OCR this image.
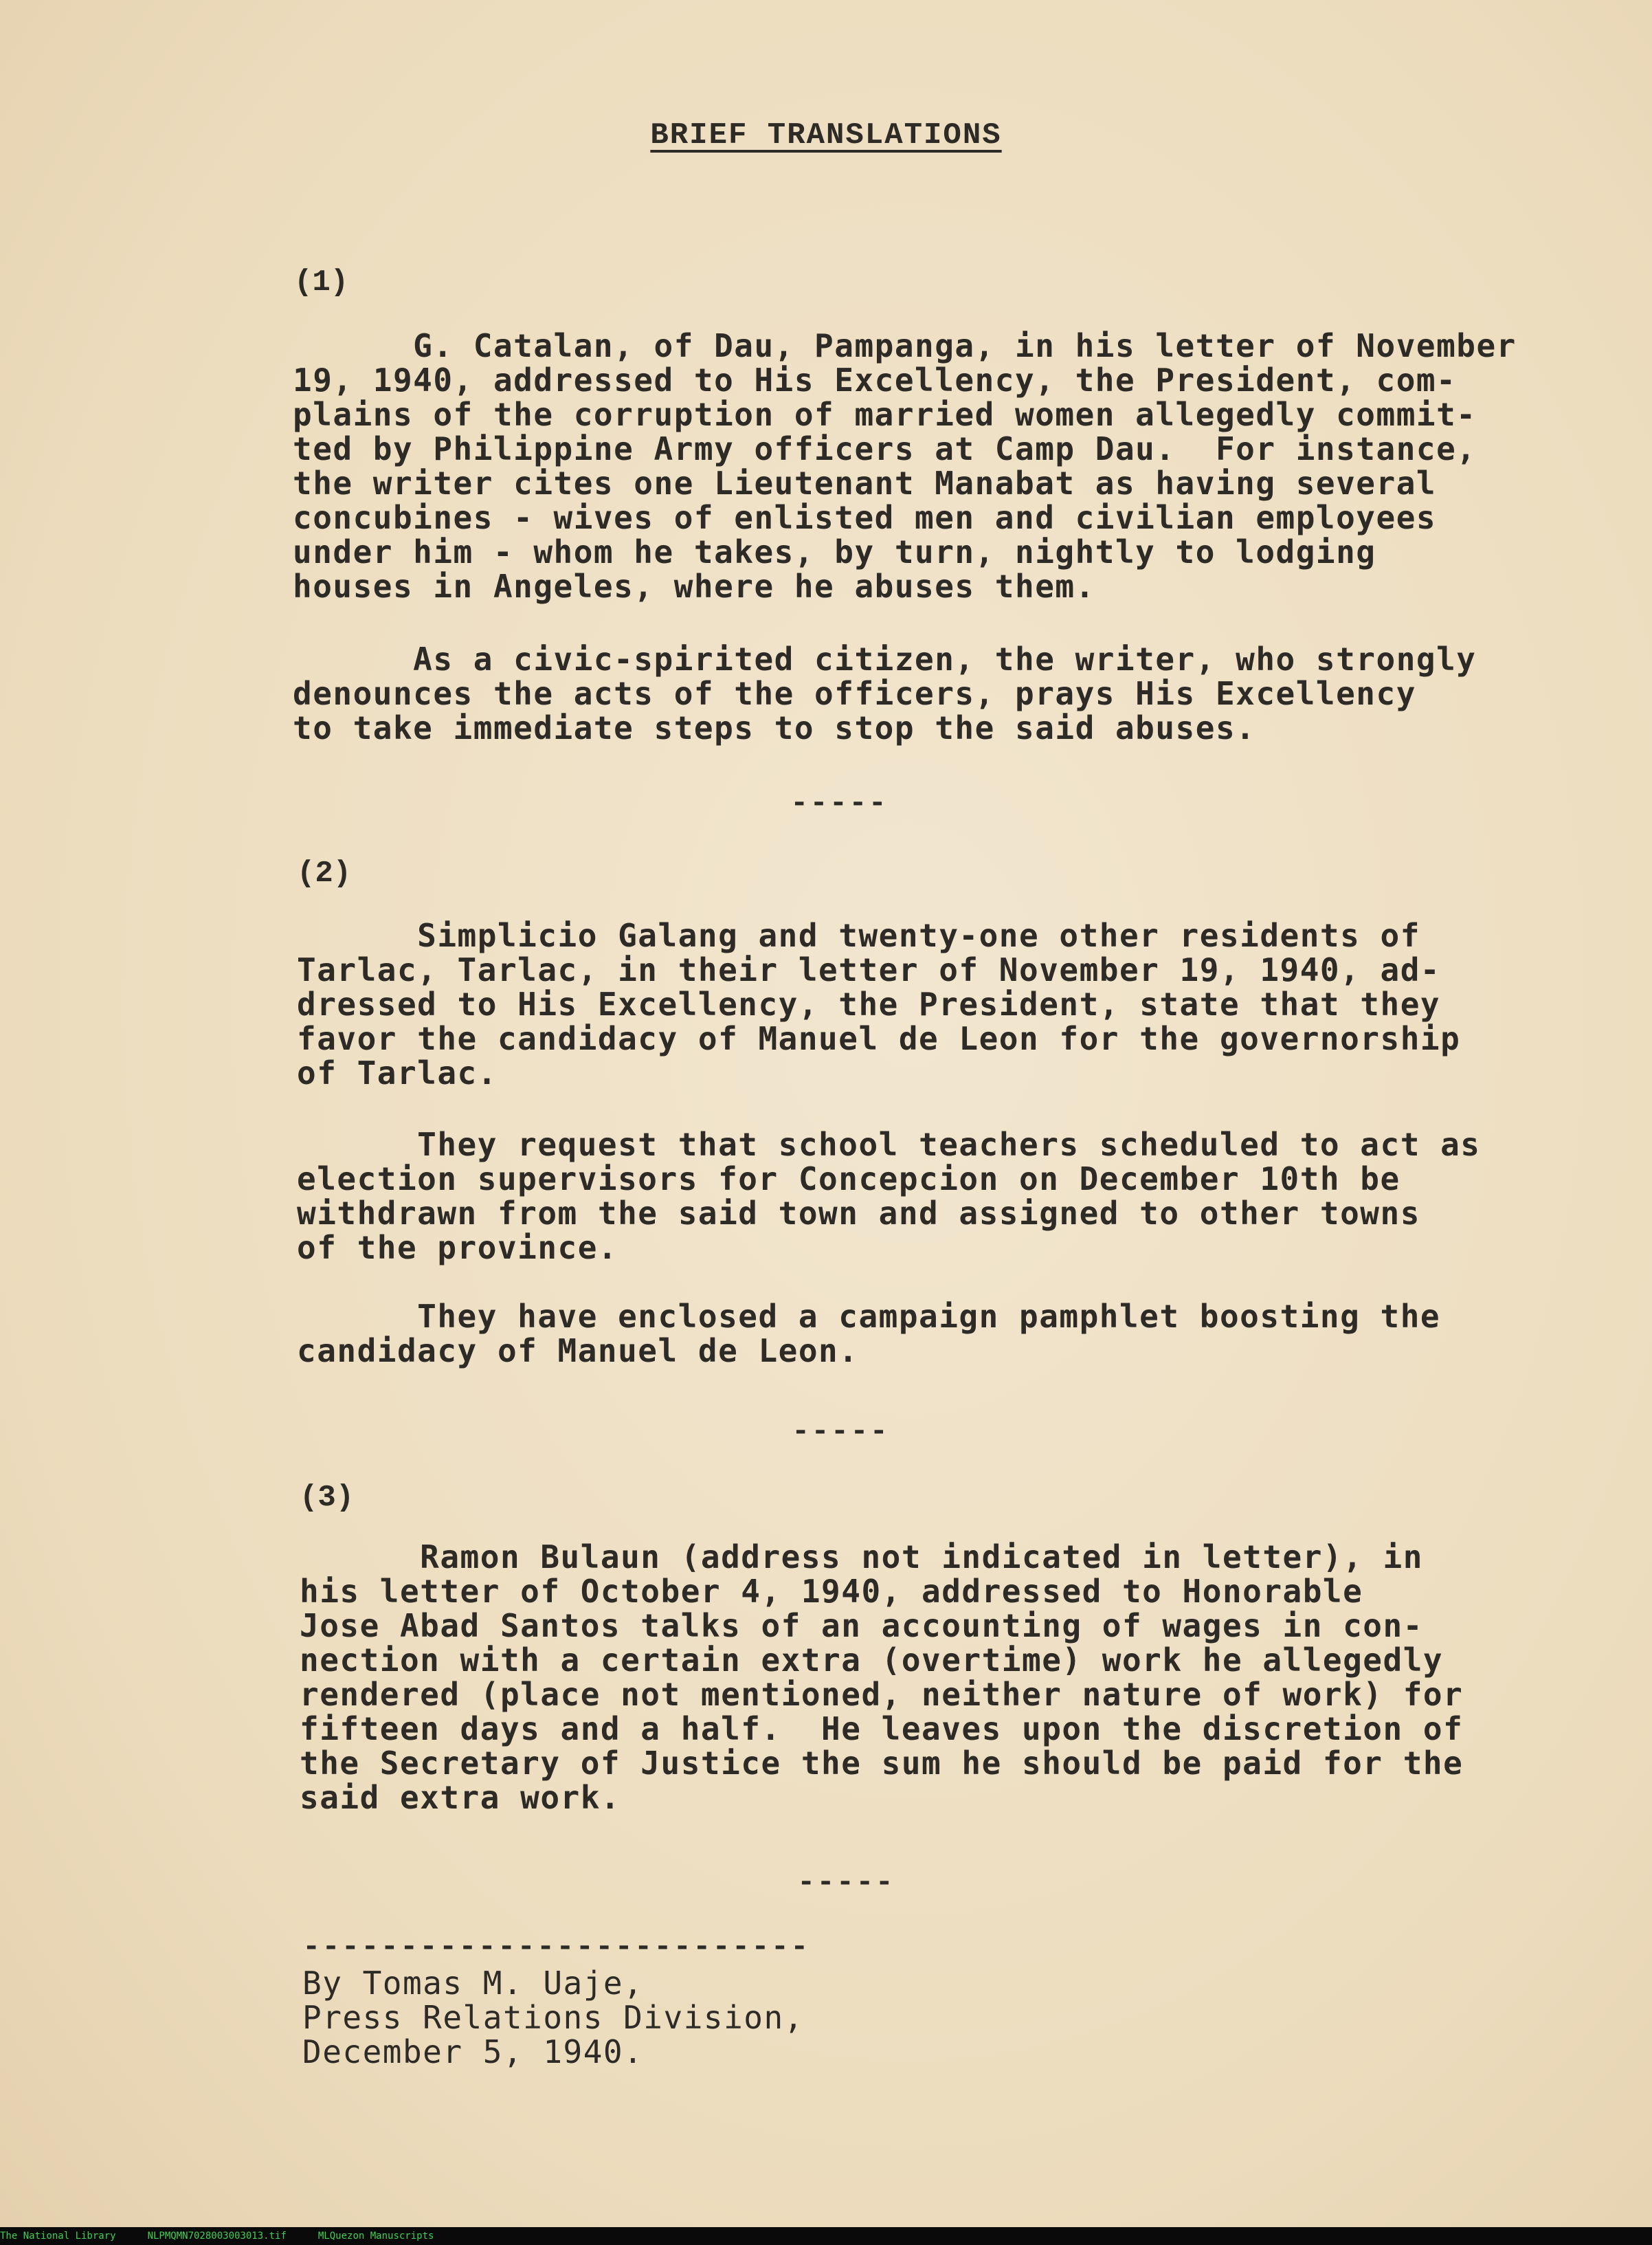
BRIEF TRANSLATIONS
(1)
G. Catalan, of Dau, Pampanga, in his letter of November
19, 1940, addressed to His Excellency, the President, com-
plains of the corruption of married women allegedly commit-
ted by Philippine Army officers at Camp Dau.  For instance,
the writer cites one Lieutenant Manabat as having several
concubines - wives of enlisted men and civilian employees
under him - whom he takes, by turn, nightly to lodging
houses in Angeles, where he abuses them.
As a civic-spirited citizen, the writer, who strongly
denounces the acts of the officers, prays His Excellency
to take immediate steps to stop the said abuses.
-----
(2)
Simplicio Galang and twenty-one other residents of
Tarlac, Tarlac, in their letter of November 19, 1940, ad-
dressed to His Excellency, the President, state that they
favor the candidacy of Manuel de Leon for the governorship
of Tarlac.
They request that school teachers scheduled to act as
election supervisors for Concepcion on December 10th be
withdrawn from the said town and assigned to other towns
of the province.
They have enclosed a campaign pamphlet boosting the
candidacy of Manuel de Leon.
-----
(3)
Ramon Bulaun (address not indicated in letter), in
his letter of October 4, 1940, addressed to Honorable
Jose Abad Santos talks of an accounting of wages in con-
nection with a certain extra (overtime) work he allegedly
rendered (place not mentioned, neither nature of work) for
fifteen days and a half.  He leaves upon the discretion of
the Secretary of Justice the sum he should be paid for the
said extra work.
-----
--------------------------
By Tomas M. Uaje,
Press Relations Division,
December 5, 1940.
The National Library	NLPMQMN7028003003013.tif	MLQuezon Manuscripts
